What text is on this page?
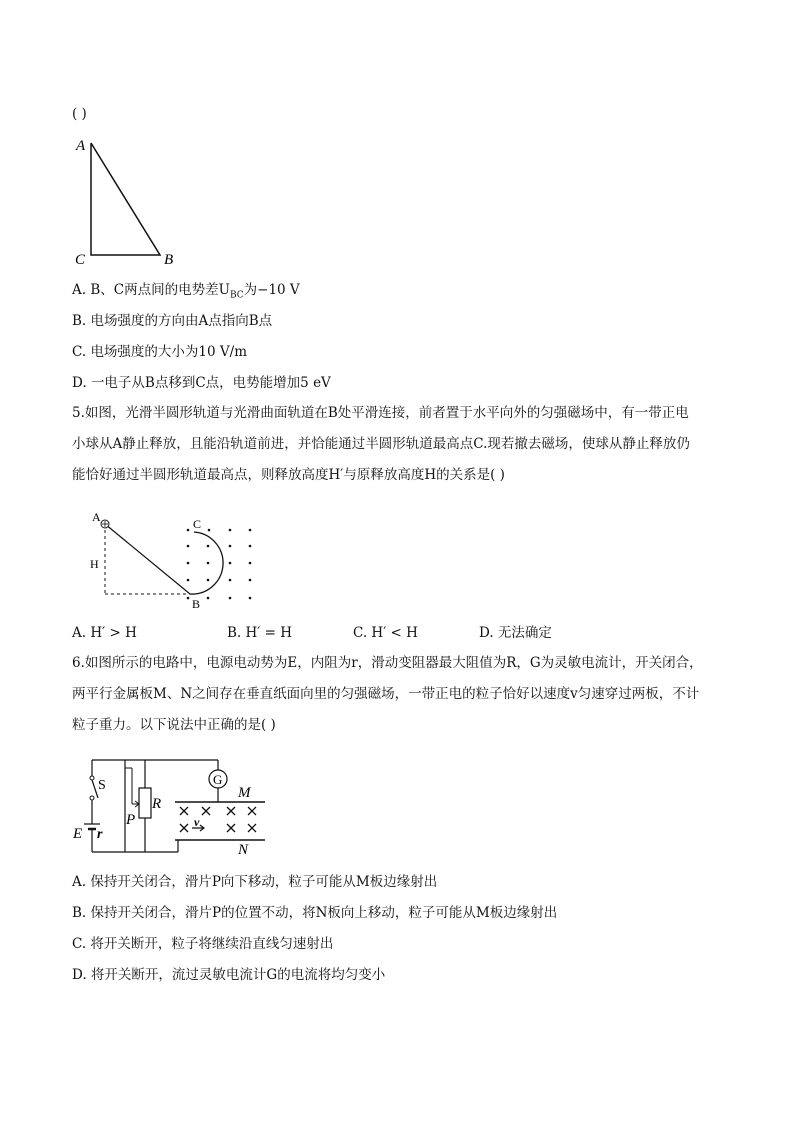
( )
A
C	B
A. B、C两点间的电势差$U_{BC}$为−10 V
B. 电场强度的方向由A点指向B点
C. 电场强度的大小为10 V/m
D. 一电子从B点移到C点，电势能增加5 eV
5.如图，光滑半圆形轨道与光滑曲面轨道在B处平滑连接，前者置于水平向外的匀强磁场中，有一带正电
小球从A静止释放，且能沿轨道前进，并恰能通过半圆形轨道最高点C.现若撤去磁场，使球从静止释放仍
能恰好通过半圆形轨道最高点，则释放高度H′与原释放高度H的关系是( )
A
H
C
B
A. H′ > H	B. H′ = H	C. H′ < H	D. 无法确定
6.如图所示的电路中，电源电动势为E，内阻为r，滑动变阻器最大阻值为R，G为灵敏电流计，开关闭合，
两平行金属板M、N之间存在垂直纸面向里的匀强磁场，一带正电的粒子恰好以速度v匀速穿过两板，不计
粒子重力。以下说法中正确的是( )
G
S
R
P
M
N
E r
v
A. 保持开关闭合，滑片P向下移动，粒子可能从M板边缘射出
B. 保持开关闭合，滑片P的位置不动，将N板向上移动，粒子可能从M板边缘射出
C. 将开关断开，粒子将继续沿直线匀速射出
D. 将开关断开，流过灵敏电流计G的电流将均匀变小
